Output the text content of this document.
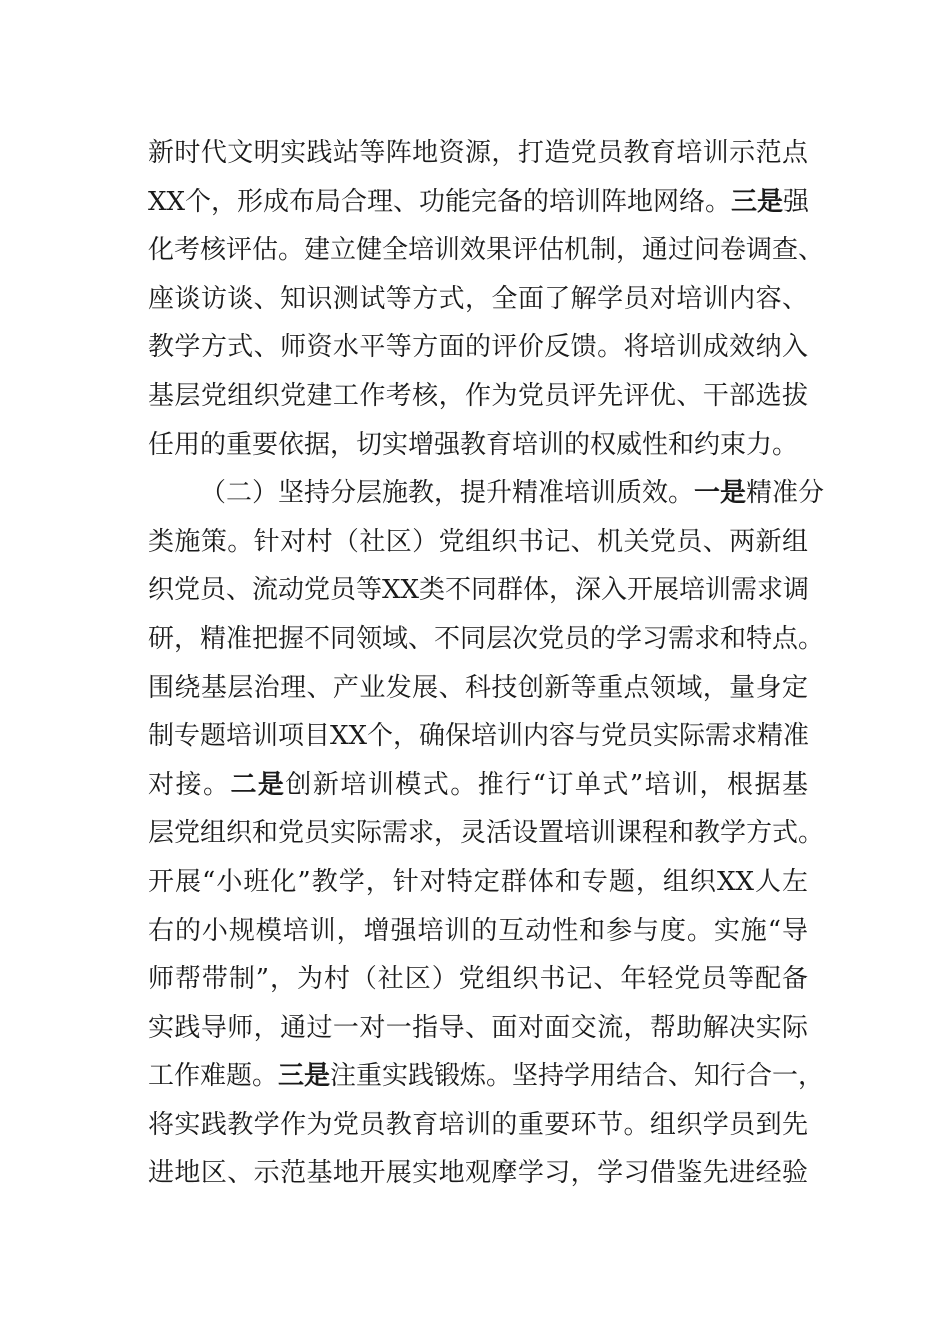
新时代文明实践站等阵地资源，打造党员教育培训示范点
XX个，形成布局合理、功能完备的培训阵地网络。三是强
化考核评估。建立健全培训效果评估机制，通过问卷调查、
座谈访谈、知识测试等方式，全面了解学员对培训内容、
教学方式、师资水平等方面的评价反馈。将培训成效纳入
基层党组织党建工作考核，作为党员评先评优、干部选拔
任用的重要依据，切实增强教育培训的权威性和约束力。
（二）坚持分层施教，提升精准培训质效。一是精准分
类施策。针对村（社区）党组织书记、机关党员、两新组
织党员、流动党员等XX类不同群体，深入开展培训需求调
研，精准把握不同领域、不同层次党员的学习需求和特点。
围绕基层治理、产业发展、科技创新等重点领域，量身定
制专题培训项目XX个，确保培训内容与党员实际需求精准
对接。二是创新培训模式。推行“订单式”培训，根据基
层党组织和党员实际需求，灵活设置培训课程和教学方式。
开展“小班化”教学，针对特定群体和专题，组织XX人左
右的小规模培训，增强培训的互动性和参与度。实施“导
师帮带制”，为村（社区）党组织书记、年轻党员等配备
实践导师，通过一对一指导、面对面交流，帮助解决实际
工作难题。三是注重实践锻炼。坚持学用结合、知行合一，
将实践教学作为党员教育培训的重要环节。组织学员到先
进地区、示范基地开展实地观摩学习，学习借鉴先进经验
